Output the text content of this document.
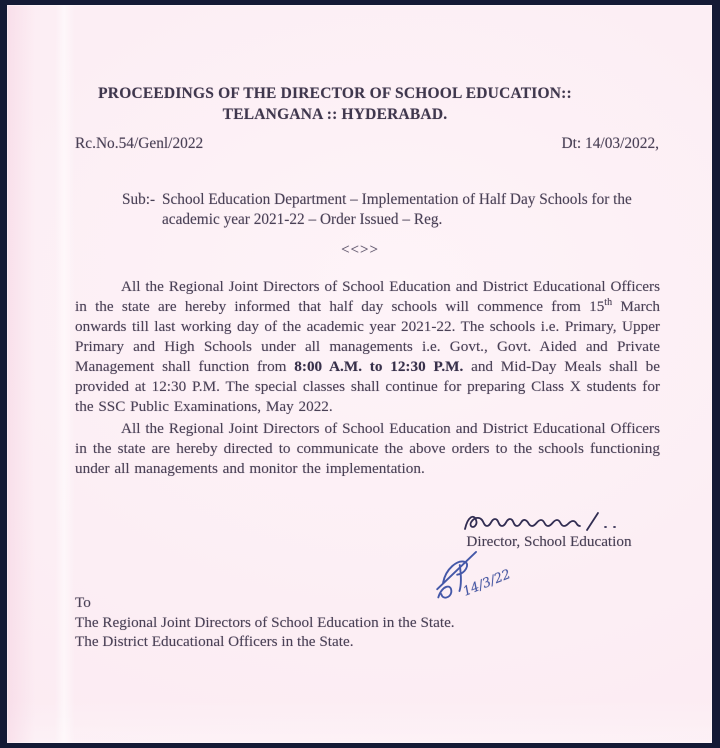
PROCEEDINGS OF THE DIRECTOR OF SCHOOL EDUCATION::
TELANGANA :: HYDERABAD.
Rc.No.54/Genl/2022	Dt: 14/03/2022,
Sub:- School Education Department – Implementation of Half Day Schools for the academic year 2021-22 – Order Issued – Reg.
<<>>

All the Regional Joint Directors of School Education and District Educational Officers in the state are hereby informed that half day schools will commence from 15th March onwards till last working day of the academic year 2021-22. The schools i.e. Primary, Upper Primary and High Schools under all managements i.e. Govt., Govt. Aided and Private Management shall function from 8:00 A.M. to 12:30 P.M. and Mid-Day Meals shall be provided at 12:30 P.M. The special classes shall continue for preparing Class X students for the SSC Public Examinations, May 2022.

All the Regional Joint Directors of School Education and District Educational Officers in the state are hereby directed to communicate the above orders to the schools functioning under all managements and monitor the implementation.

Director, School Education
14/3/22
To
The Regional Joint Directors of School Education in the State.
The District Educational Officers in the State.
